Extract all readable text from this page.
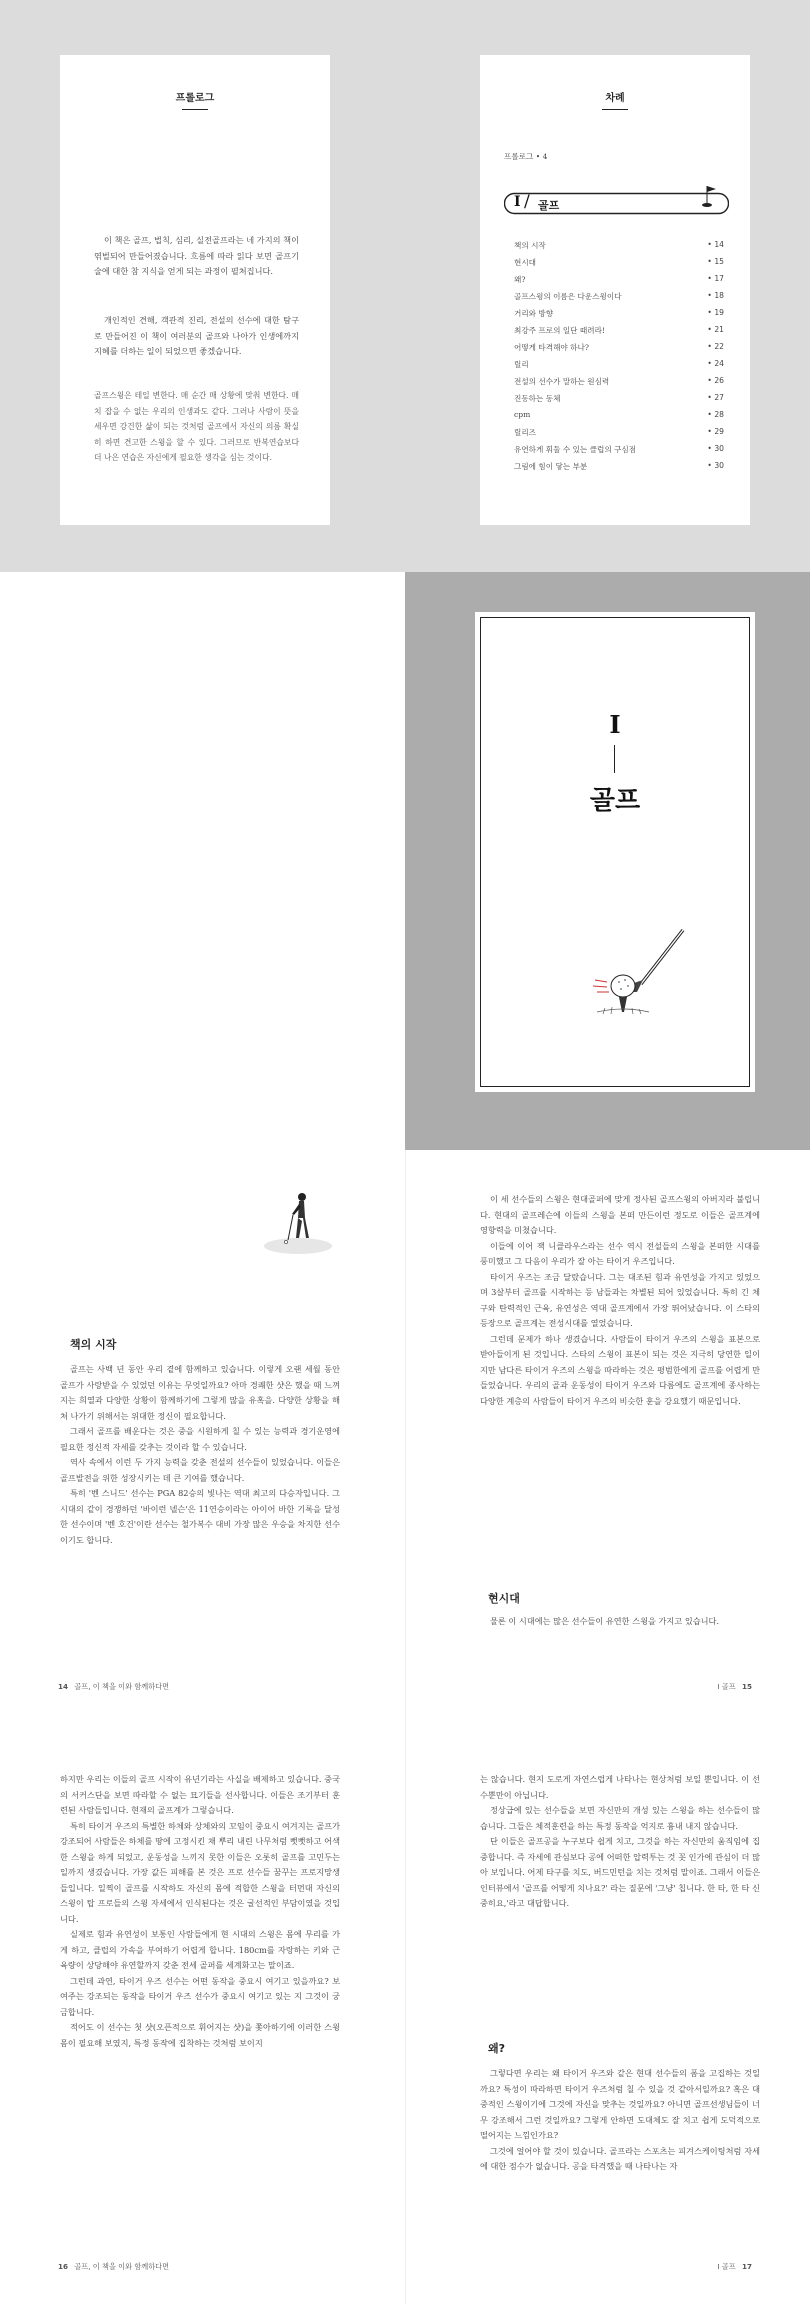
프롤로그
이 책은 골프, 법칙, 심리, 실전골프라는 네 가지의 책이 엮벌되어 만들어졌습니다. 흐름에 따라 읽다 보면 골프기술에 대한 참 지식을 얻게 되는 과정이 펼쳐집니다.
개인적인 견해, 객관적 진리, 전설의 선수에 대한 탐구로 만들어진 이 책이 여러분의 골프와 나아가 인생에까지 지혜를 더하는 일이 되었으면 좋겠습니다.
골프스윙은 테일 변한다. 매 순간 매 상황에 맞춰 변한다. 매치 잡을 수 없는 우리의 인생과도 같다. 그러나 사람이 뜻을 세우면 강건한 삶이 되는 것처럼 골프에서 자신의 의름 확실히 하면 견고한 스윙을 할 수 있다. 그러므로 반복연습보다 더 나은 연습은 자신에게 필요한 생각을 심는 것이다.
차례
프롤로그 • 4
I / 골프
책의 시작	• 14
현시대	• 15
왜?	• 17
골프스윙의 이름은 다운스윙이다	• 18
거리와 방향	• 19
최강주 프로의 일단 때려라!	• 21
어떻게 타격해야 하나?	• 22
릴리	• 24
전설의 선수가 말하는 원심력	• 26
진동하는 동체	• 27
cpm	• 28
릴리즈	• 29
유연하게 휘둘 수 있는 클럽의 구심점	• 30
그림에 힘이 닿는 부분	• 30
I
골프
책의 시작
골프는 사백 년 동안 우리 곁에 함께하고 있습니다. 이렇게 오랜 세월 동안 골프가 사랑받을 수 있었던 이유는 무엇일까요? 아마 경쾌한 샷은 했을 때 느껴지는 희열과 다양한 상황이 함께하기에 그렇게 많을 유혹을. 다양한 상황을 해쳐 나가기 위해서는 위대한 정신이 필요합니다.
그래서 골프를 배운다는 것은 중을 시원하게 칠 수 있는 능력과 경기운영에 필요한 정신적 자세를 갖추는 것이라 할 수 있습니다.
역사 속에서 이런 두 가지 능력을 갖춘 전설의 선수들이 있었습니다. 이들은 골프발전을 위한 성장시키는 데 큰 기여를 했습니다.
특히 '벤 스니드' 선수는 PGA 82승의 빛나는 역대 최고의 다승자입니다. 그 시대의 같이 경쟁하던 '바이런 넬슨'은 11연승이라는 아이어 바한 기록을 달성한 선수이며 '벤 호건'이란 선수는 철가복수 대비 가장 많은 우승을 차지한 선수이기도 합니다.
이 세 선수들의 스윙은 현대골퍼에 맞게 정사된 골프스윙의 아버지라 불립니다. 현대의 골프레슨에 이들의 스윙을 본떠 만든이런 정도로 이들은 골프계에 영향력을 미쳤습니다.
이들에 이어 잭 니클라우스라는 선수 역시 전설들의 스윙을 본떠한 시대를 풍미했고 그 다음이 우리가 잘 아는 타이거 우즈입니다.
타이거 우즈는 조금 달랐습니다. 그는 대조된 힘과 유연성을 가지고 있었으며 3살부터 골프를 시작하는 등 남들과는 차별된 되어 있었습니다. 특히 긴 체구와 탄력적인 근육, 유연성은 역대 골프계에서 가장 뛰어났습니다. 이 스타의 등장으로 골프계는 전성시대를 열었습니다.
그런데 문제가 하나 생겼습니다. 사람들이 타이거 우즈의 스윙을 표본으로 받아들이게 된 것입니다. 스타의 스윙이 표본이 되는 것은 지극히 당연한 일이지만 남다른 타이거 우즈의 스윙을 따라하는 것은 평범한에게 골프를 어렵게 만들었습니다. 우리의 골과 운동성이 타이거 우즈와 다름에도 골프계에 종사하는 다양한 계층의 사람들이 타이거 우즈의 비슷한 훈을 강요했기 때문입니다.
현시대
물론 이 시대에는 많은 선수들이 유연한 스윙을 가지고 있습니다.
14 골프, 이 책을 이와 함께하다면	I 골프 15
하지만 우리는 이들의 골프 시작이 유년기라는 사실을 배제하고 있습니다. 중국의 서커스단을 보면 따라할 수 없는 묘기들을 선사합니다. 이들은 조기부터 훈련된 사람들입니다. 현재의 골프계가 그렇습니다.
특히 타이거 우즈의 특별한 하체와 상체와의 꼬임이 중요시 여겨지는 골프가 강조되어 사람들은 하체를 땅에 고정시킨 채 뿌리 내린 나무처럼 뻣뻣하고 어색한 스윙을 하게 되었고, 운동성을 느끼지 못한 이들은 오롯히 골프를 고민두는 일까지 생겼습니다. 가장 값든 피해를 본 것은 프로 선수들 꿈꾸는 프로지망생들입니다. 일찍이 골프를 시작하도 자신의 몸에 적합한 스윙을 터먼대 자신의 스윙이 탑 프로들의 스윙 자세에서 인식된다는 것은 굴선적인 부담이였을 것입니다.
실제로 힘과 유연성이 보통인 사람들에게 현 시대의 스윙은 몸에 무리를 가게 하고, 클럽의 가속을 부여하기 어렵게 합니다. 180cm를 자랑하는 키와 근육량이 상당해야 유연할까지 갖춘 전세 골퍼를 세계화고는 말이죠.
그런데 과연, 타이거 우즈 선수는 어떤 동작을 중요시 여기고 있을까요? 보여주는 강조되는 동작을 타이거 우즈 선수가 중요시 여기고 있는 지 그것이 궁금합니다.
적어도 이 선수는 첫 샷(오픈적으로 휘어지는 샷)을 쫓아하기에 이러한 스윙 몸이 필요해 보였지, 특정 동작에 집착하는 것처럼 보이지
는 않습니다. 현지 도로게 자연스럽게 나타나는 현상처럼 보일 뿐입니다. 이 선수뿐만이 아닙니다.
정상급에 있는 선수들을 보면 자신만의 개성 있는 스윙을 하는 선수들이 많습니다. 그들은 체적훈련을 하는 특정 동작을 억지로 흉내 내지 않습니다.
단 이들은 골프공을 누구보다 쉽게 치고, 그것을 하는 자신만의 움직임에 집중합니다. 즉 자세에 관심보다 공에 어떠한 압력투는 것 꼿 인가에 관심이 더 많아 보입니다. 어제 타구를 치도, 버드민턴을 치는 것처럼 말이죠. 그래서 이들은 인터뷰에서 '골프를 어떻게 치나요?' 라는 질문에 '그냥' 칩니다. 한 타, 한 타 신중히요,'라고 대답합니다.
왜?
그렇다면 우리는 왜 타이거 우즈와 같은 현대 선수들의 폼을 고집하는 것일까요? 특성이 따라하면 타이거 우즈처럼 칠 수 있을 것 같아서일까요? 혹은 대중적인 스윙이기에 그것에 자신을 맞추는 것일까요? 아니면 골프선생님들이 너무 강조해서 그런 것일까요? 그렇게 안하면 도대체도 잘 치고 쉽게 도덕적으로 떨어지는 느낌인가요?
그것에 얼어야 할 것이 있습니다. 골프라는 스포츠는 피겨스케이팅처럼 자세에 대한 점수가 없습니다. 공을 타격했을 때 나타나는 자
16 골프, 이 책을 이와 함께하다면	I 골프 17
